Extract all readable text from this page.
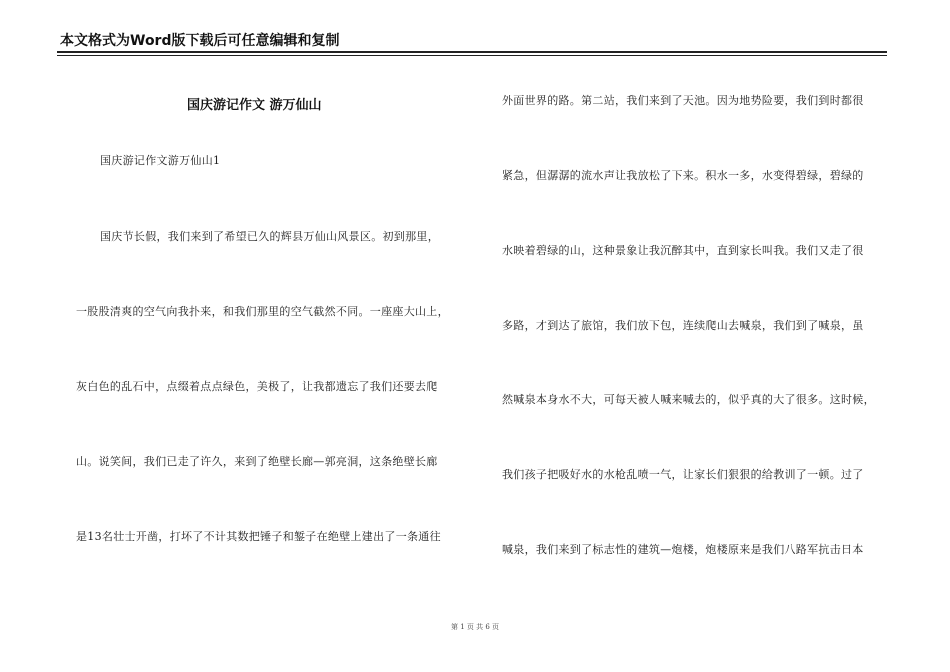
本文格式为Word版下载后可任意编辑和复制
国庆游记作文 游万仙山
国庆游记作文游万仙山1
国庆节长假，我们来到了希望已久的辉县万仙山风景区。初到那里，
一股股清爽的空气向我扑来，和我们那里的空气截然不同。一座座大山上，
灰白色的乱石中，点缀着点点绿色，美极了，让我都遗忘了我们还要去爬
山。说笑间，我们已走了许久，来到了绝壁长廊—郭亮洞，这条绝壁长廊
是13名壮士开凿，打坏了不计其数把锤子和錾子在绝壁上建出了一条通往
外面世界的路。第二站，我们来到了天池。因为地势险要，我们到时都很
紧急，但潺潺的流水声让我放松了下来。积水一多，水变得碧绿，碧绿的
水映着碧绿的山，这种景象让我沉醉其中，直到家长叫我。我们又走了很
多路，才到达了旅馆，我们放下包，连续爬山去喊泉，我们到了喊泉，虽
然喊泉本身水不大，可每天被人喊来喊去的，似乎真的大了很多。这时候，
我们孩子把吸好水的水枪乱喷一气，让家长们狠狠的给教训了一顿。过了
喊泉，我们来到了标志性的建筑—炮楼，炮楼原来是我们八路军抗击日本
第 1 页 共 6 页
